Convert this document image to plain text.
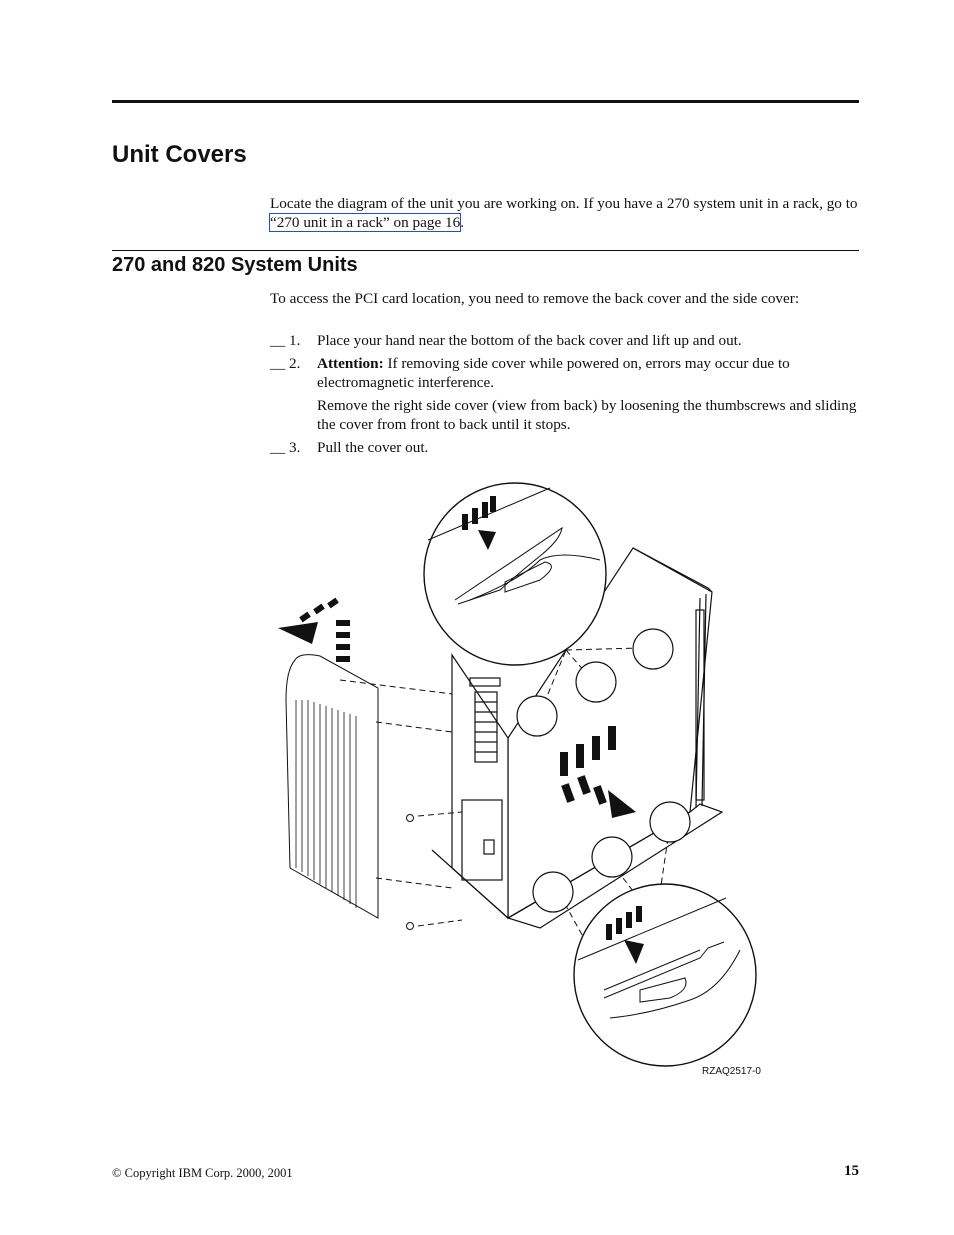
Unit Covers

Locate the diagram of the unit you are working on. If you have a 270 system unit in a rack, go to “270 unit in a rack” on page 16.

270 and 820 System Units

To access the PCI card location, you need to remove the back cover and the side cover:

__ 1. Place your hand near the bottom of the back cover and lift up and out.
__ 2. Attention: If removing side cover while powered on, errors may occur due to electromagnetic interference.
Remove the right side cover (view from back) by loosening the thumbscrews and sliding the cover from front to back until it stops.
__ 3. Pull the cover out.
RZAQ2517-0
© Copyright IBM Corp. 2000, 2001	15
